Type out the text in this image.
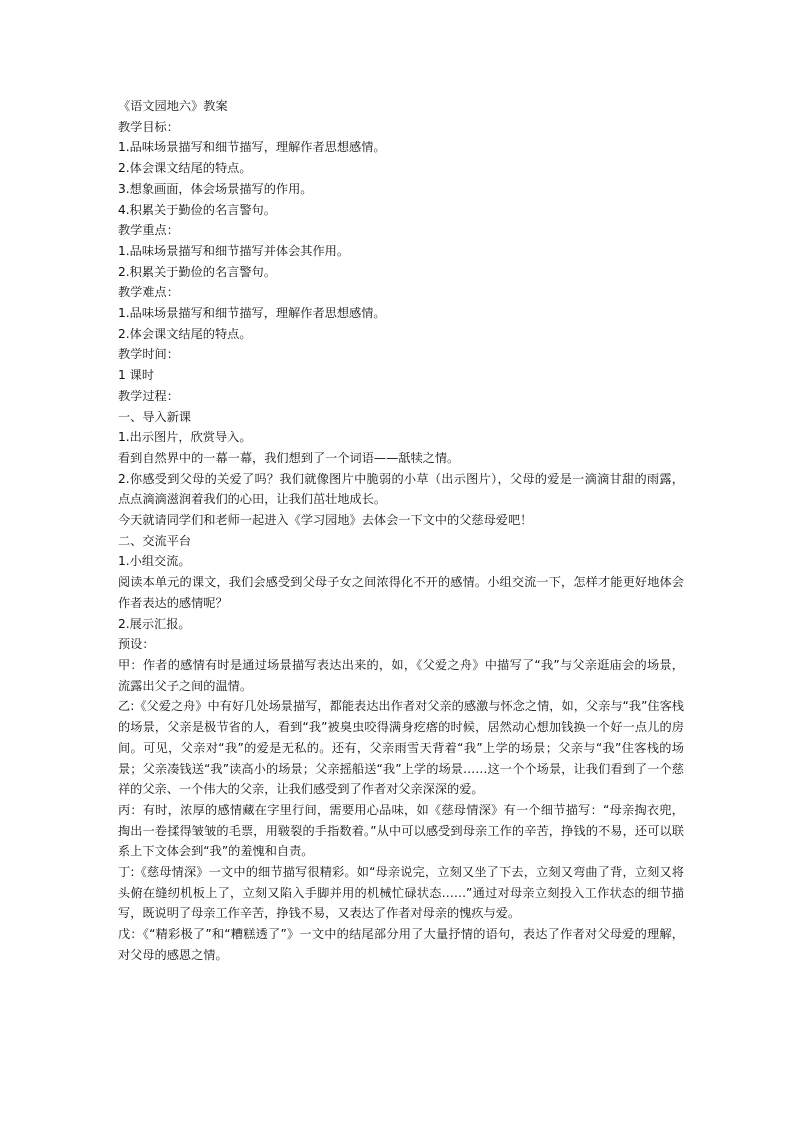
《语文园地六》教案
教学目标：
1.品味场景描写和细节描写，理解作者思想感情。
2.体会课文结尾的特点。
3.想象画面，体会场景描写的作用。
4.积累关于勤俭的名言警句。
教学重点：
1.品味场景描写和细节描写并体会其作用。
2.积累关于勤俭的名言警句。
教学难点：
1.品味场景描写和细节描写，理解作者思想感情。
2.体会课文结尾的特点。
教学时间：
1 课时
教学过程：
一、导入新课
1.出示图片，欣赏导入。
看到自然界中的一幕一幕，我们想到了一个词语——舐犊之情。
2.你感受到父母的关爱了吗？我们就像图片中脆弱的小草（出示图片），父母的爱是一滴滴甘甜的雨露，点点滴滴滋润着我们的心田，让我们茁壮地成长。
今天就请同学们和老师一起进入《学习园地》去体会一下文中的父慈母爱吧！
二、交流平台
1.小组交流。
阅读本单元的课文，我们会感受到父母子女之间浓得化不开的感情。小组交流一下，怎样才能更好地体会作者表达的感情呢？
2.展示汇报。
预设：
甲：作者的感情有时是通过场景描写表达出来的，如，《父爱之舟》中描写了“我”与父亲逛庙会的场景，流露出父子之间的温情。
乙:《父爱之舟》中有好几处场景描写，都能表达出作者对父亲的感激与怀念之情，如，父亲与“我”住客栈的场景，父亲是极节省的人，看到“我”被臭虫咬得满身疙瘩的时候，居然动心想加钱换一个好一点儿的房间。可见，父亲对“我”的爱是无私的。还有，父亲雨雪天背着“我”上学的场景；父亲与“我”住客栈的场景；父亲凑钱送“我”读高小的场景；父亲摇船送“我”上学的场景……这一个个场景，让我们看到了一个慈祥的父亲、一个伟大的父亲，让我们感受到了作者对父亲深深的爱。
丙：有时，浓厚的感情藏在字里行间，需要用心品味，如《慈母情深》有一个细节描写：“母亲掏衣兜，掏出一卷揉得皱皱的毛票，用皲裂的手指数着。”从中可以感受到母亲工作的辛苦，挣钱的不易，还可以联系上下文体会到“我”的羞愧和自责。
丁:《慈母情深》一文中的细节描写很精彩。如“母亲说完，立刻又坐了下去，立刻又弯曲了背，立刻又将头俯在缝纫机板上了，立刻又陷入手脚并用的机械忙碌状态……”通过对母亲立刻投入工作状态的细节描写，既说明了母亲工作辛苦，挣钱不易，又表达了作者对母亲的愧疚与爱。
戊：《“精彩极了”和“糟糕透了”》一文中的结尾部分用了大量抒情的语句，表达了作者对父母爱的理解，对父母的感恩之情。
